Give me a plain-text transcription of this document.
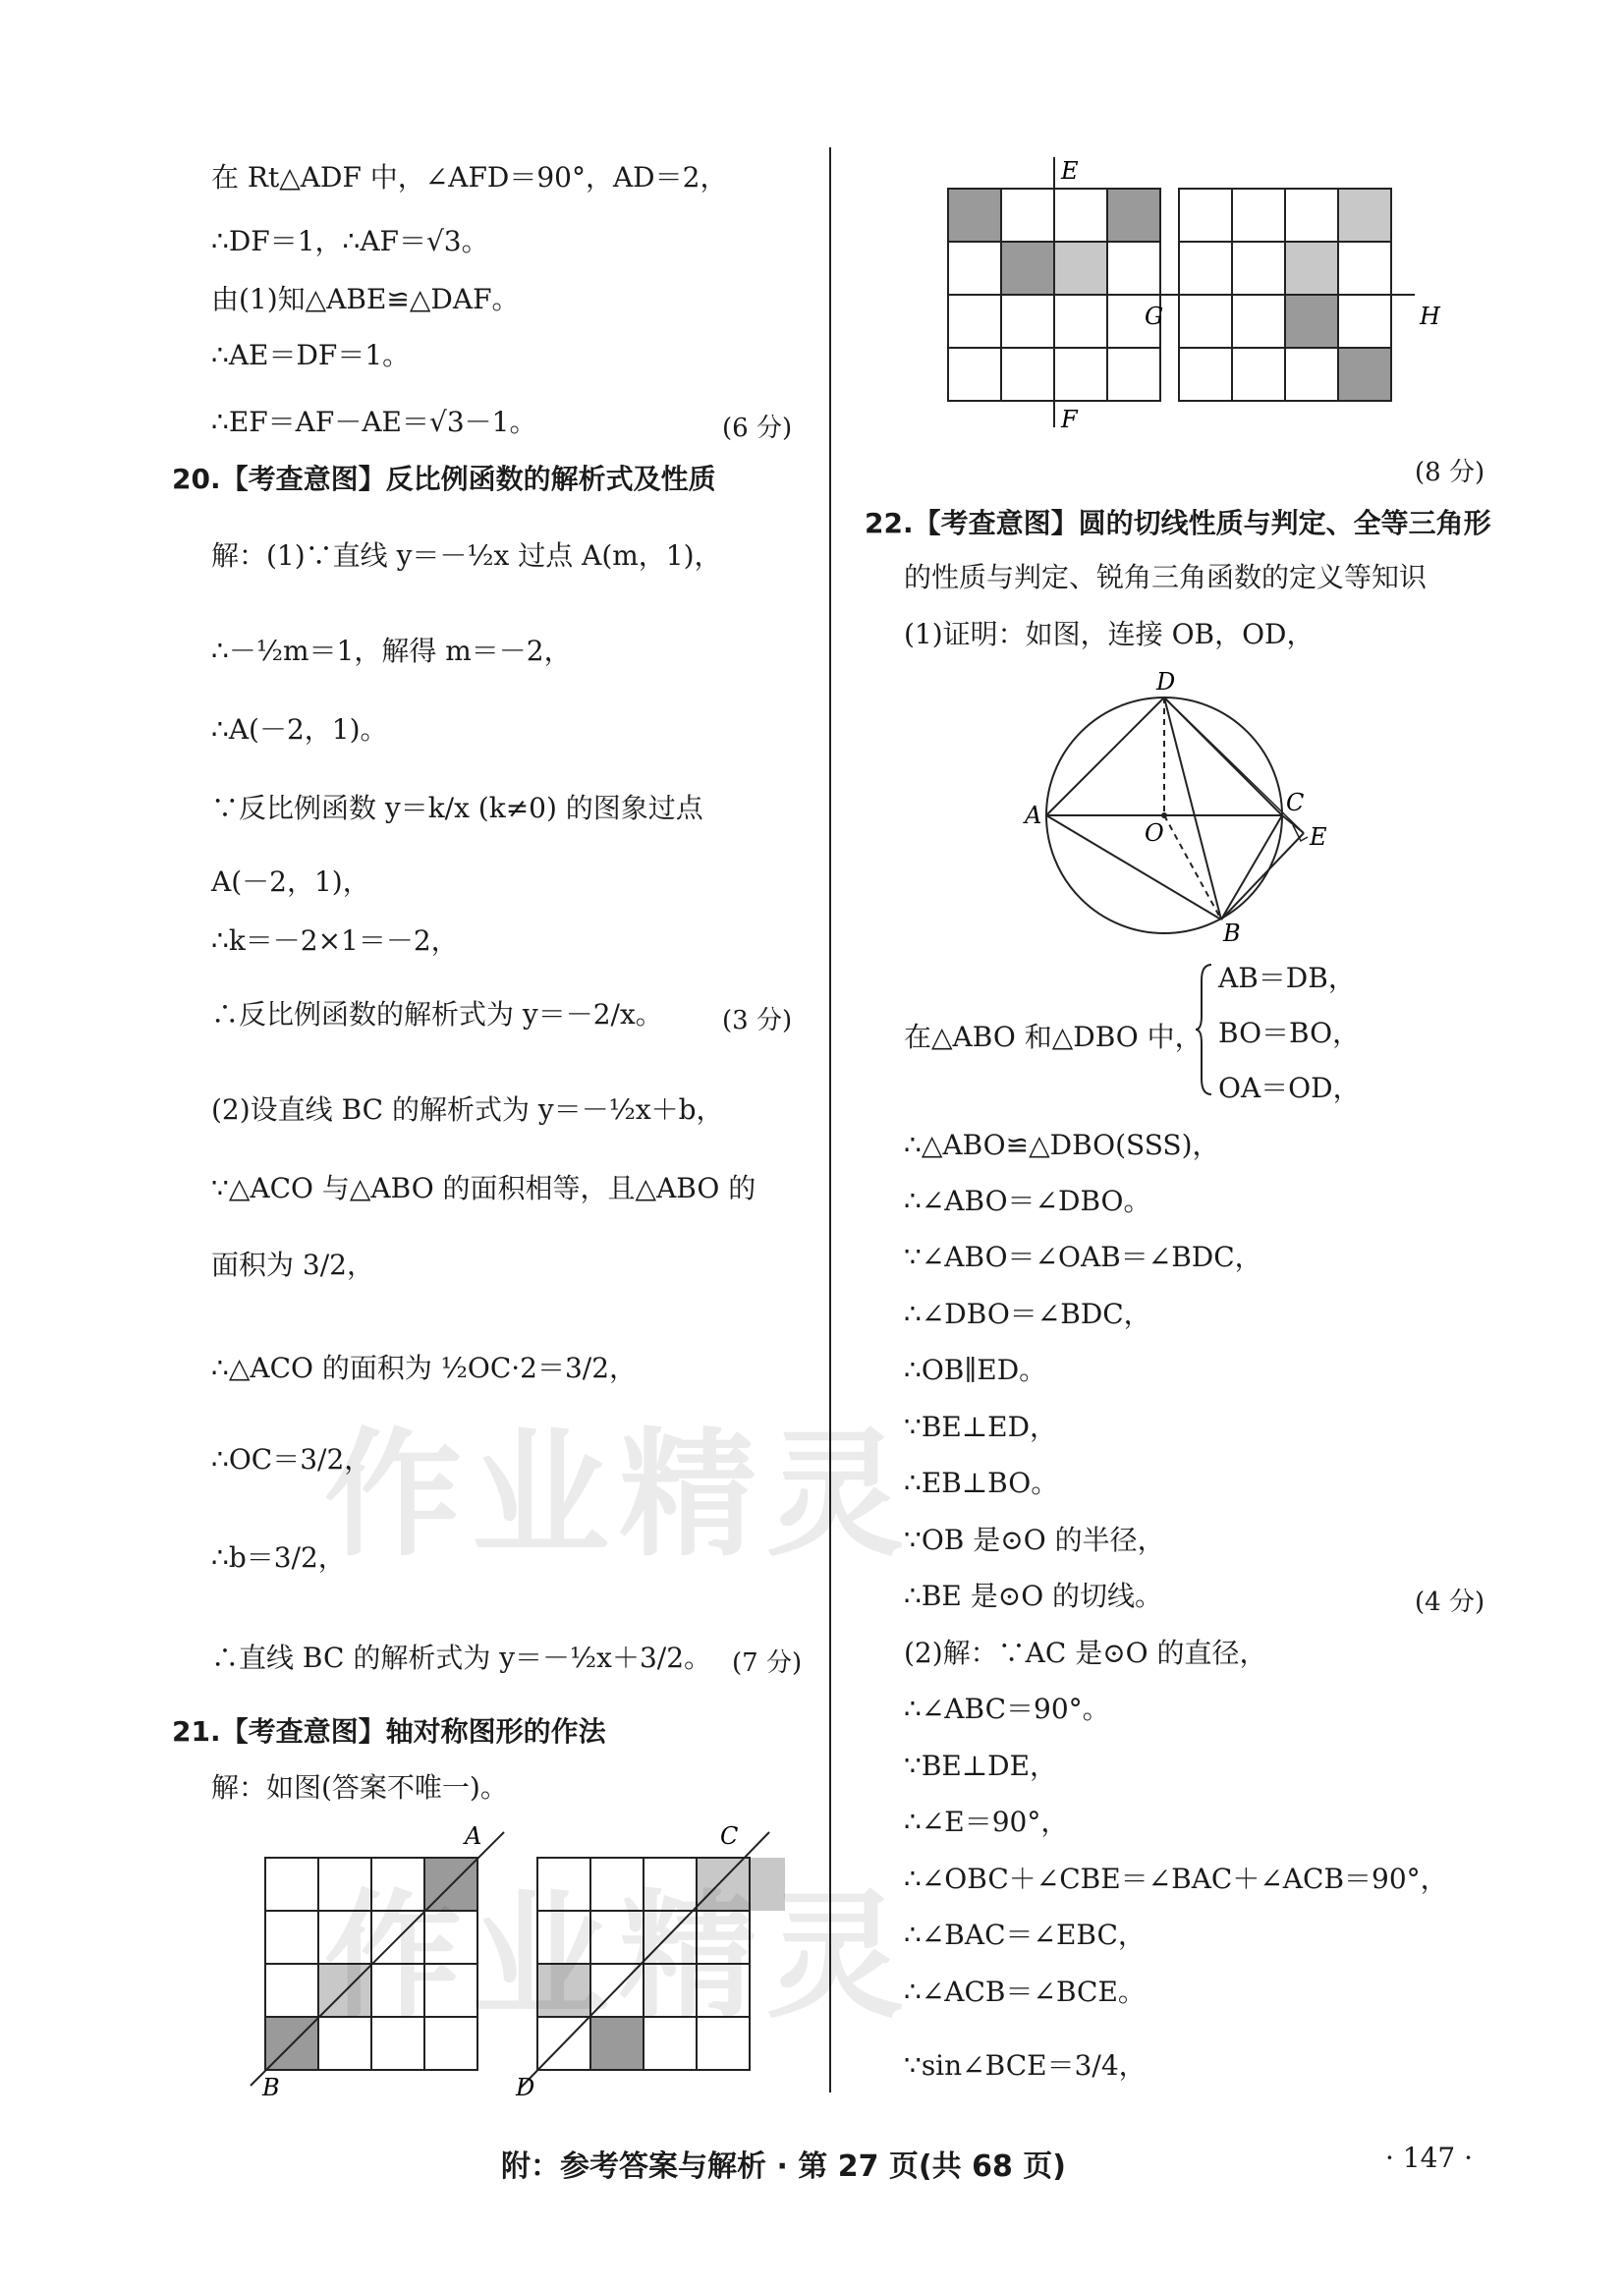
在 Rt△ADF 中，∠AFD＝90°，AD＝2，
∴DF＝1，∴AF＝√3。
由(1)知△ABE≌△DAF。
∴AE＝DF＝1。
∴EF＝AF－AE＝√3－1。	(6 分)
20.【考查意图】反比例函数的解析式及性质
解：(1)∵直线 y＝－½x 过点 A(m，1)，
∴－½m＝1，解得 m＝－2，
∴A(－2，1)。
∵反比例函数 y＝k/x (k≠0) 的图象过点
A(－2，1)，
∴k＝－2×1＝－2，
∴反比例函数的解析式为 y＝－2/x。 (3 分)
(2)设直线 BC 的解析式为 y＝－½x＋b，
∵△ACO 与△ABO 的面积相等，且△ABO 的
面积为 3/2，
∴△ACO 的面积为 ½OC·2＝3/2，
∴OC＝3/2，
∴b＝3/2，
∴直线 BC 的解析式为 y＝－½x＋3/2。 (7 分)
21.【考查意图】轴对称图形的作法
解：如图(答案不唯一)。
A
B
C
D
E
F
G	H
(8 分)
22.【考查意图】圆的切线性质与判定、全等三角形
的性质与判定、锐角三角函数的定义等知识
(1)证明：如图，连接 OB，OD，
D
A
O
C
E
B
在△ABO 和△DBO 中，
AB＝DB，
BO＝BO，
OA＝OD，
∴△ABO≌△DBO(SSS)，
∴∠ABO＝∠DBO。
∵∠ABO＝∠OAB＝∠BDC，
∴∠DBO＝∠BDC，
∴OB∥ED。
∵BE⊥ED，
∴EB⊥BO。
∵OB 是⊙O 的半径，
∴BE 是⊙O 的切线。	(4 分)
(2)解：∵AC 是⊙O 的直径，
∴∠ABC＝90°。
∵BE⊥DE，
∴∠E＝90°，
∴∠OBC＋∠CBE＝∠BAC＋∠ACB＝90°，
∴∠BAC＝∠EBC，
∴∠ACB＝∠BCE。
∵sin∠BCE＝3/4，
作业精灵
作业精灵
附：参考答案与解析 · 第 27 页(共 68 页)	· 147 ·
